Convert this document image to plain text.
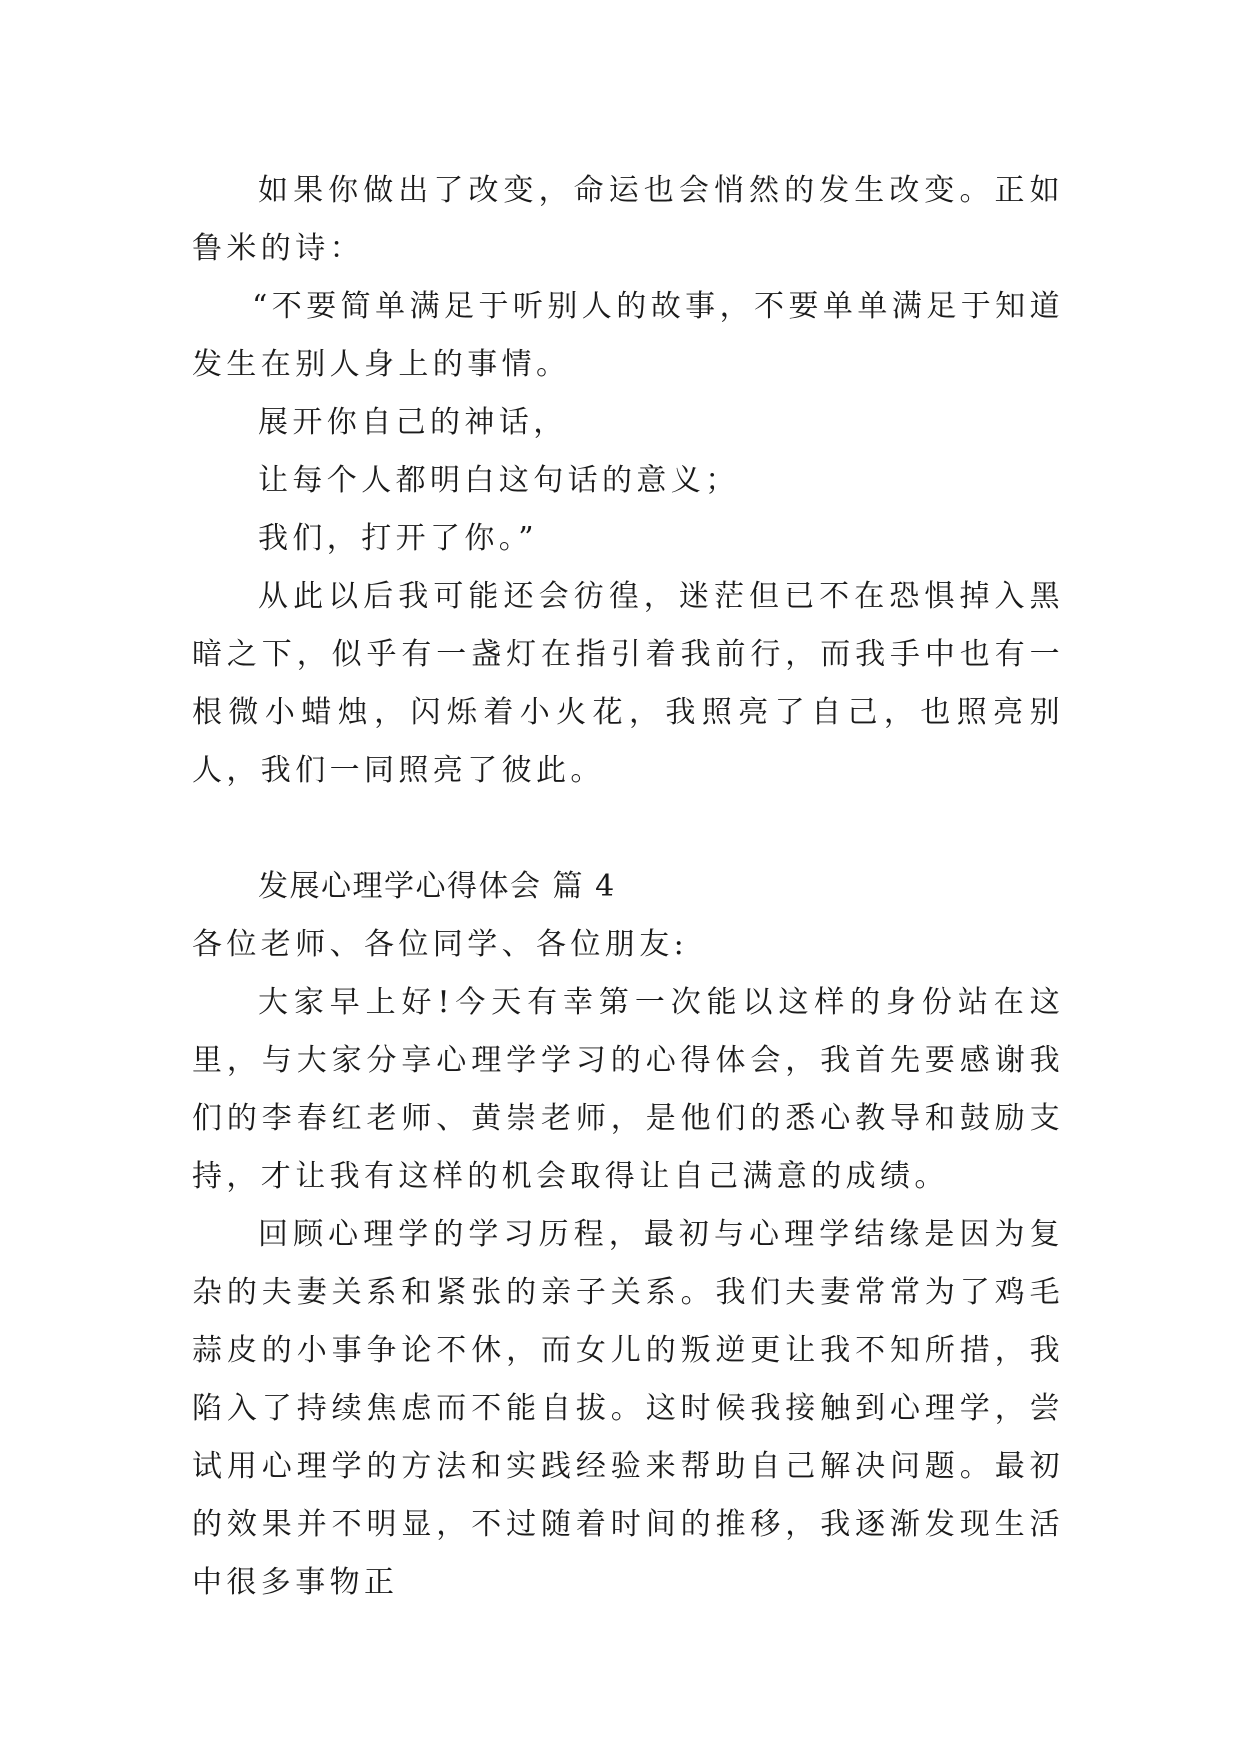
如果你做出了改变，命运也会悄然的发生改变。正如鲁米的诗：

“不要简单满足于听别人的故事，不要单单满足于知道发生在别人身上的事情。

展开你自己的神话，

让每个人都明白这句话的意义；

我们，打开了你。”

从此以后我可能还会彷徨，迷茫但已不在恐惧掉入黑暗之下，似乎有一盏灯在指引着我前行，而我手中也有一根微小蜡烛，闪烁着小火花，我照亮了自己，也照亮别人，我们一同照亮了彼此。

发展心理学心得体会 篇 4

各位老师、各位同学、各位朋友:

大家早上好!今天有幸第一次能以这样的身份站在这里，与大家分享心理学学习的心得体会，我首先要感谢我们的李春红老师、黄崇老师，是他们的悉心教导和鼓励支持，才让我有这样的机会取得让自己满意的成绩。

回顾心理学的学习历程，最初与心理学结缘是因为复杂的夫妻关系和紧张的亲子关系。我们夫妻常常为了鸡毛蒜皮的小事争论不休，而女儿的叛逆更让我不知所措，我陷入了持续焦虑而不能自拔。这时候我接触到心理学，尝试用心理学的方法和实践经验来帮助自己解决问题。最初的效果并不明显，不过随着时间的推移，我逐渐发现生活中很多事物正
